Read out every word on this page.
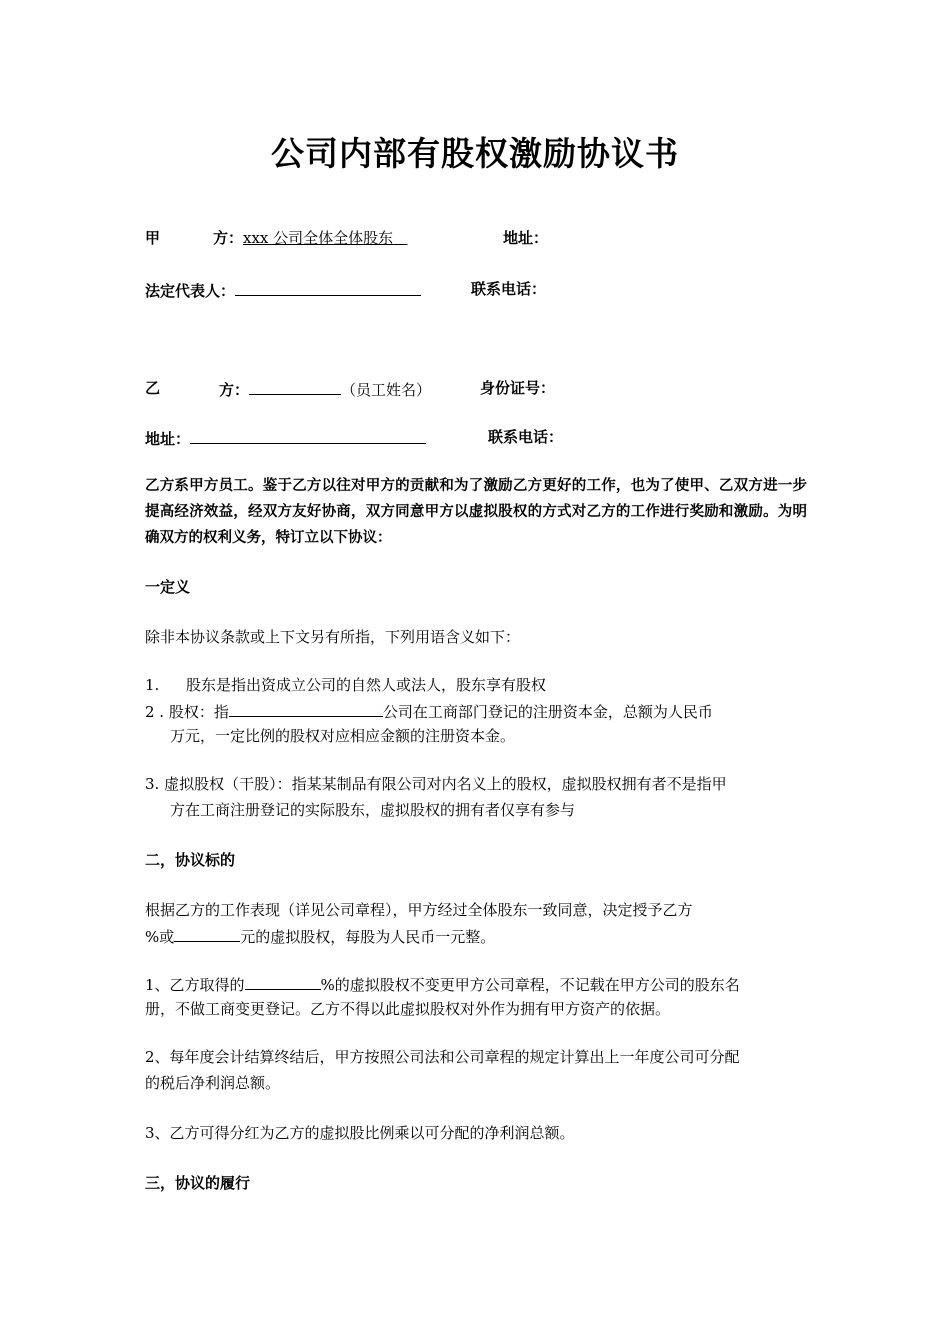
公司内部有股权激励协议书
甲	方：xxx 公司全体全体股东	地址：
法定代表人：	联系电话：
乙	方：	（员工姓名）	身份证号：
地址：	联系电话：
乙方系甲方员工。鉴于乙方以往对甲方的贡献和为了激励乙方更好的工作，也为了使甲、乙双方进一步提高经济效益，经双方友好协商，双方同意甲方以虚拟股权的方式对乙方的工作进行奖励和激励。为明确双方的权利义务，特订立以下协议：
一定义
除非本协议条款或上下文另有所指，下列用语含义如下：
1. 股东是指出资成立公司的自然人或法人，股东享有股权
2 . 股权：指	公司在工商部门登记的注册资本金，总额为人民币
万元，一定比例的股权对应相应金额的注册资本金。
3. 虚拟股权（干股）：指某某制品有限公司对内名义上的股权，虚拟股权拥有者不是指甲
方在工商注册登记的实际股东，虚拟股权的拥有者仅享有参与
二，协议标的
根据乙方的工作表现（详见公司章程），甲方经过全体股东一致同意，决定授予乙方
%或	元的虚拟股权，每股为人民币一元整。
1、乙方取得的	%的虚拟股权不变更甲方公司章程，不记载在甲方公司的股东名
册，不做工商变更登记。乙方不得以此虚拟股权对外作为拥有甲方资产的依据。
2、每年度会计结算终结后，甲方按照公司法和公司章程的规定计算出上一年度公司可分配
的税后净利润总额。
3、乙方可得分红为乙方的虚拟股比例乘以可分配的净利润总额。
三，协议的履行
